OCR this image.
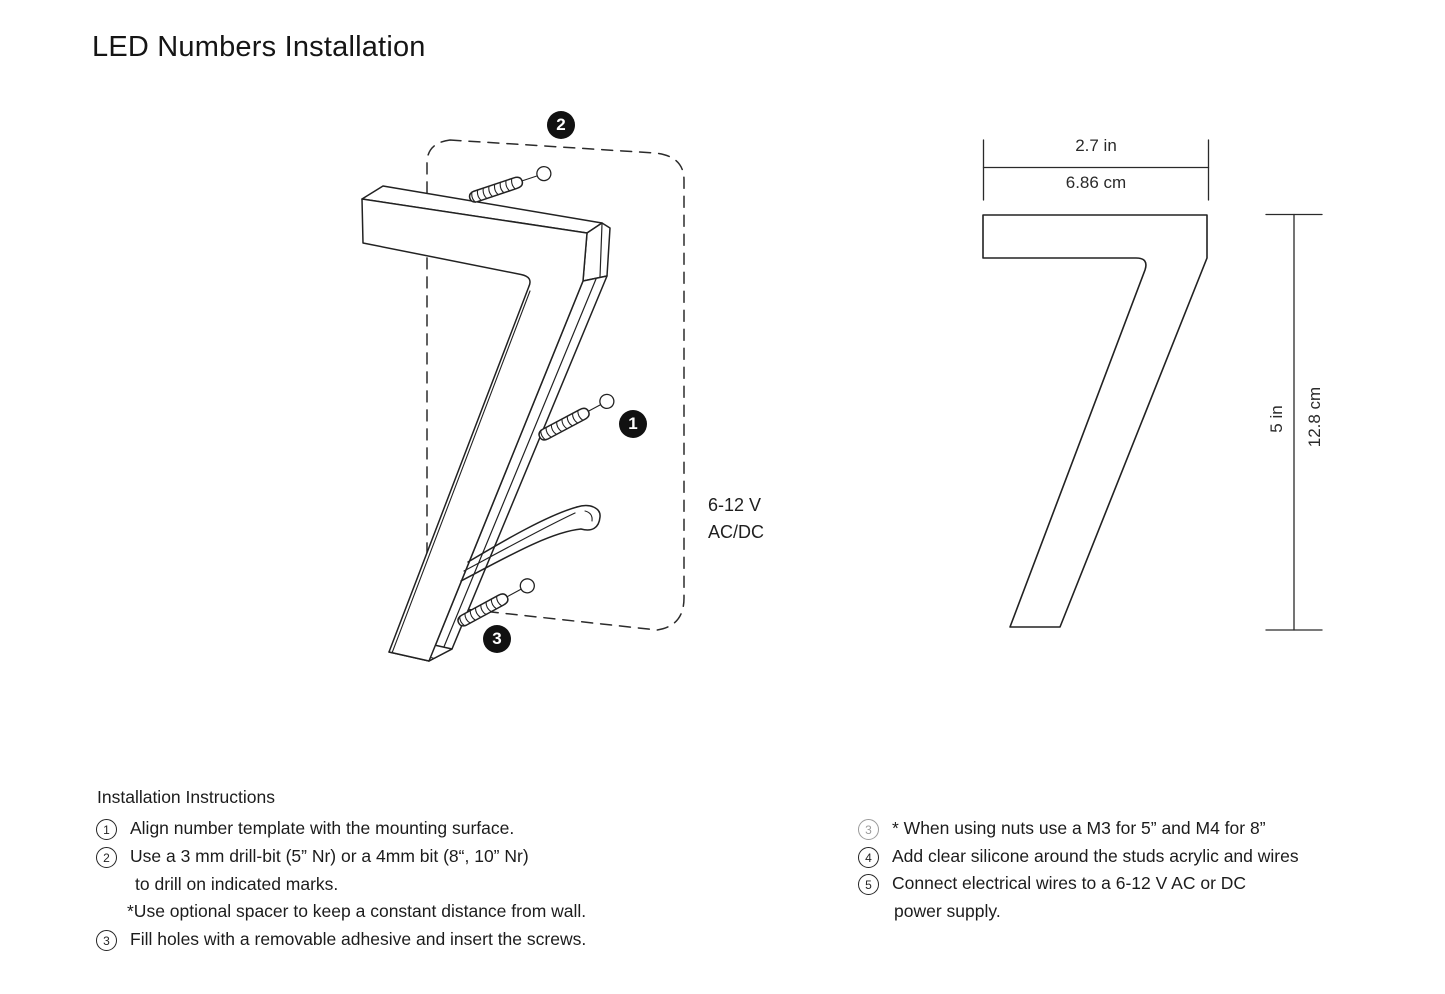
LED Numbers Installation
2
1
3
6-12 V
AC/DC
2.7 in
6.86 cm
5 in 12.8 cm
Installation Instructions
1	Align number template with the mounting surface.
2	Use a 3 mm drill-bit (5” Nr) or a 4mm bit (8“, 10” Nr)
to drill on indicated marks.
*Use optional spacer to keep a constant distance from wall.
3	Fill holes with a removable adhesive and insert the screws.
3	* When using nuts use a M3 for 5” and M4 for 8”
4	Add clear silicone around the studs acrylic and wires
5	Connect electrical wires to a 6-12 V AC or DC
power supply.
